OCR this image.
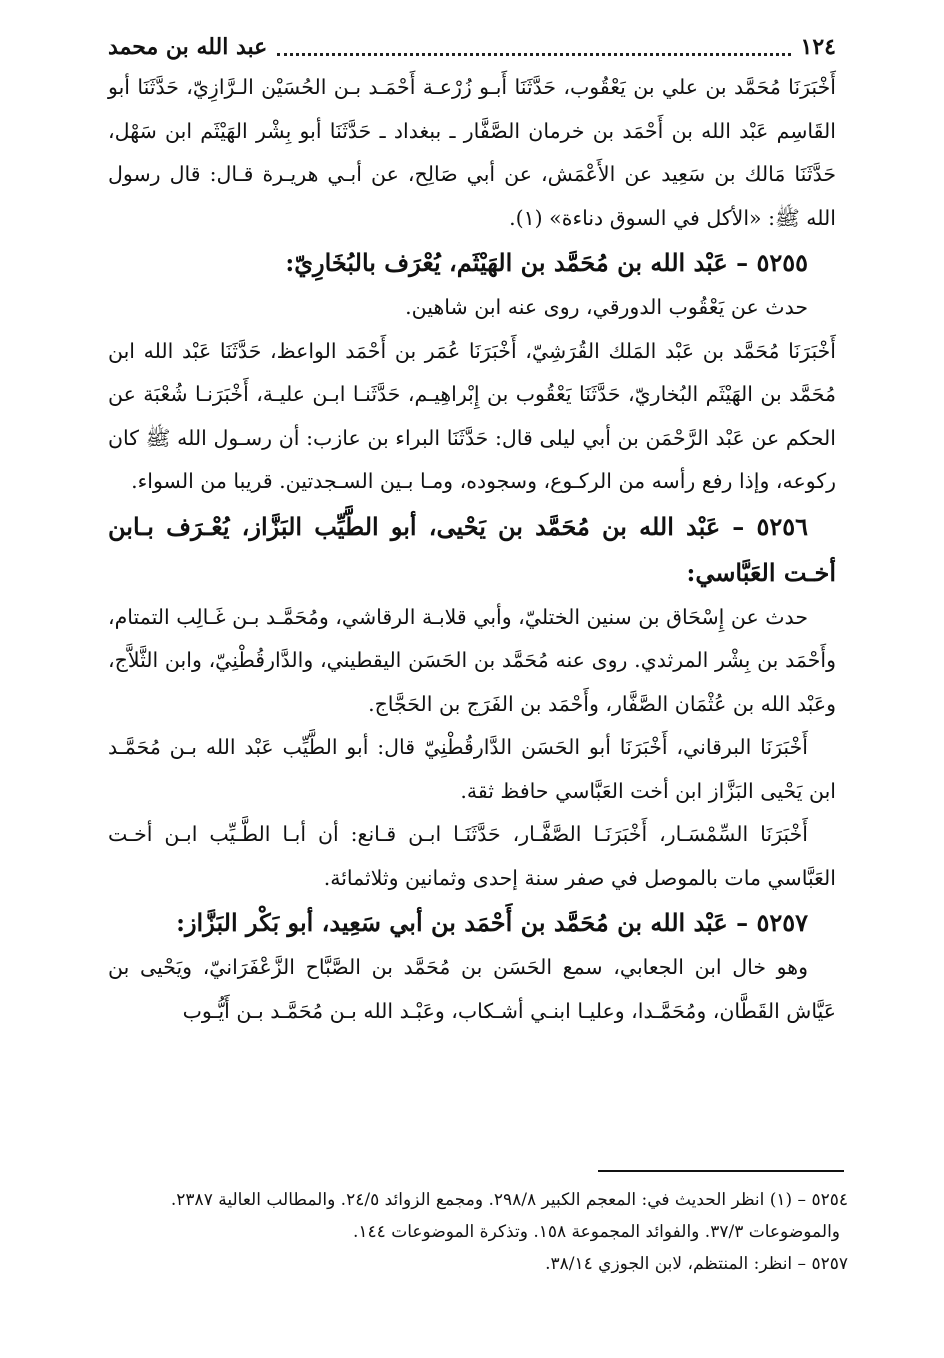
١٢٤
عبد الله بن محمد

أَخْبَرَنَا مُحَمَّد بن علي بن يَعْقُوب، حَدَّثَنَا أَبـو زُرْعـة أَحْمَـد بـن الحُسَيْن الـرَّازِيّ، حَدَّثَنَا أبو القَاسِم عَبْد الله بن أَحْمَد بن خرمان الصَّفَّار ـ ببغداد ـ حَدَّثَنَا أبو بِشْر الهَيْثَم ابن سَهْل، حَدَّثَنَا مَالك بن سَعِيد عن الأَعْمَش، عن أبي صَالِح، عن أبـي هريـرة قـال: قال رسول الله ﷺ: «الأكل في السوق دناءة» (١).

٥٢٥٥ – عَبْد الله بن مُحَمَّد بن الهَيْثَم، يُعْرَف بالبُخَارِيّ:

حدث عن يَعْقُوب الدورقي، روى عنه ابن شاهين.

أَخْبَرَنَا مُحَمَّد بن عَبْد المَلك القُرَشِيّ، أَخْبَرَنَا عُمَر بن أَحْمَد الواعظ، حَدَّثَنَا عَبْد الله ابن مُحَمَّد بن الهَيْثَم البُخاريّ، حَدَّثَنَا يَعْقُوب بن إِبْراهِيـم، حَدَّثَنـا ابـن عليـة، أَخْبَرَنـا شُعْبَة عن الحكم عن عَبْد الرَّحْمَن بن أبي ليلى قال: حَدَّثَنَا البراء بن عازب: أن رسـول الله ﷺ كان ركوعه، وإذا رفع رأسه من الركـوع، وسجوده، ومـا بـين السـجدتين. قريبا من السواء.

٥٢٥٦ – عَبْد الله بن مُحَمَّد بن يَحْيى، أبو الطَّيِّب البَزَّاز، يُعْـرَف بـابن أخـت العَبَّاسي:

حدث عن إِسْحَاق بن سنين الختليّ، وأبي قلابـة الرقاشي، ومُحَمَّـد بـن غَـالِب التمتام، وأَحْمَد بن بِشْر المرثدي. روى عنه مُحَمَّد بن الحَسَن اليقطيني، والدَّارقُطْنِيّ، وابن الثَّلاَّج، وعَبْد الله بن عُثْمَان الصَّفَّار، وأَحْمَد بن الفَرَج بن الحَجَّاج.

أَخْبَرَنَا البرقاني، أَخْبَرَنَا أبو الحَسَن الدَّارقُطْنِيّ قال: أبو الطَّيِّب عَبْد الله بـن مُحَمَّـد ابن يَحْيى البَزَّاز ابن أخت العَبَّاسي حافظ ثقة.

أَخْبَرَنَا السِّمْسَـار، أَخْبَرَنَـا الصَّفَّـار، حَدَّثَنَـا ابـن قـانع: أن أبـا الطَّـيِّب ابـن أخـت العَبَّاسي مات بالموصل في صفر سنة إحدى وثمانين وثلاثمائة.

٥٢٥٧ – عَبْد الله بن مُحَمَّد بن أَحْمَد بن أبي سَعِيد، أبو بَكْر البَزَّاز:

وهو خال ابن الجعابي، سمع الحَسَن بن مُحَمَّد بن الصَّبَّاح الزَّعْفَرَانيّ، ويَحْيى بن عَيَّاش القَطَّان، ومُحَمَّـدا، وعليـا ابنـي أشـكاب، وعَبْـد الله بـن مُحَمَّـد بـن أَيُّـوب

٥٢٥٤ – (١) انظر الحديث في: المعجم الكبير ٢٩٨/٨. ومجمع الزوائد ٢٤/٥. والمطالب العالية ٢٣٨٧.

والموضوعات ٣٧/٣. والفوائد المجموعة ١٥٨. وتذكرة الموضوعات ١٤٤.

٥٢٥٧ – انظر: المنتظم، لابن الجوزي ٣٨/١٤.
